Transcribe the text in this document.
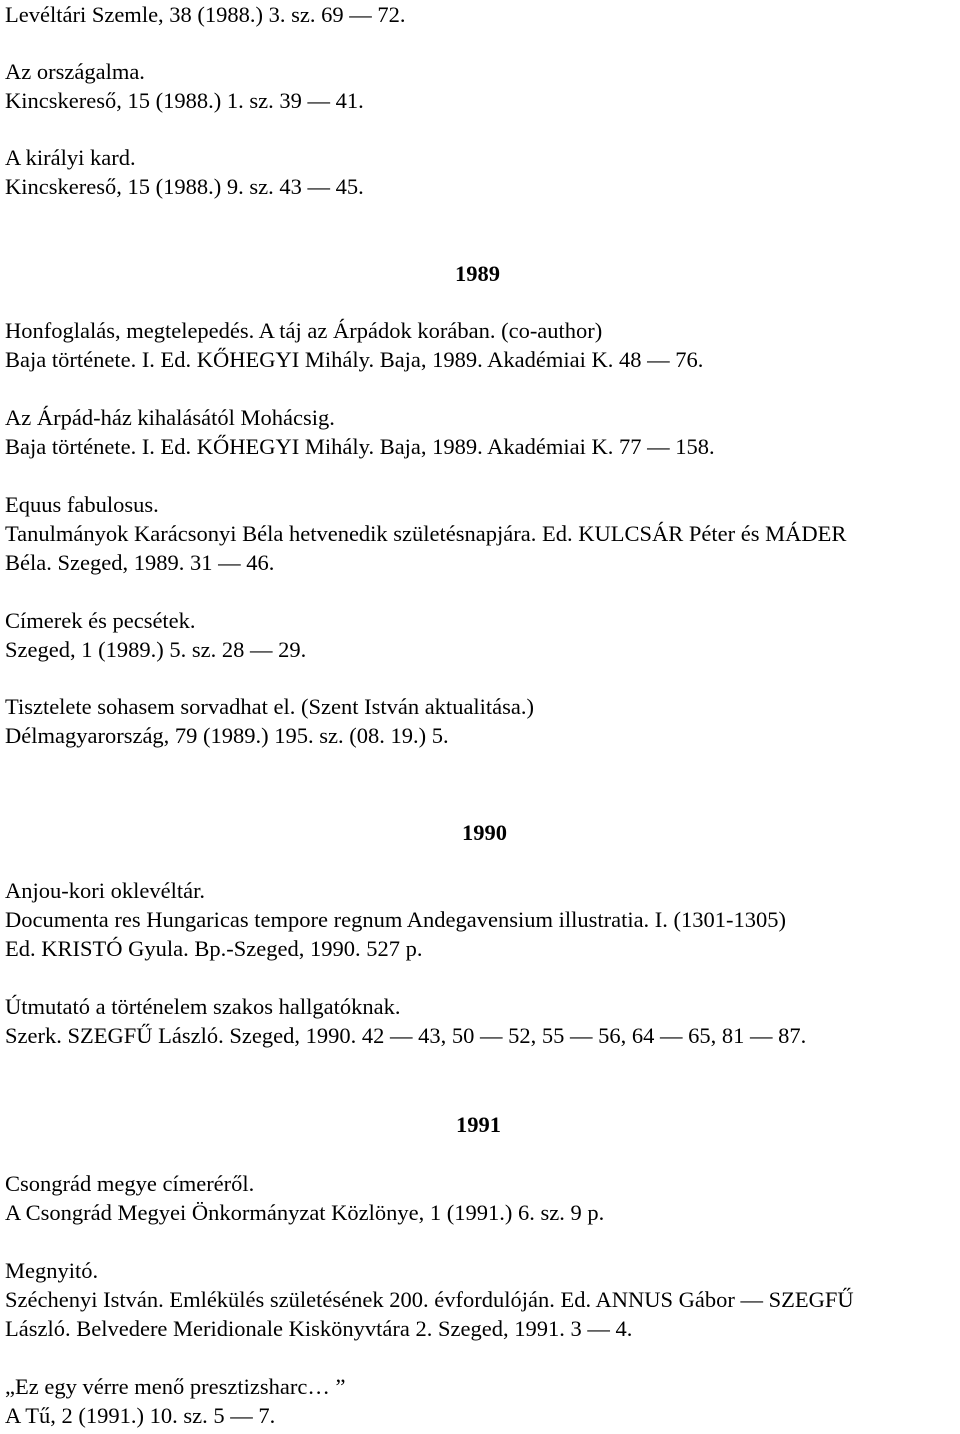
Levéltári Szemle, 38 (1988.) 3. sz. 69 — 72.
Az országalma.
Kincskereső, 15 (1988.) 1. sz. 39 — 41.
A királyi kard.
Kincskereső, 15 (1988.) 9. sz. 43 — 45.
1989
Honfoglalás, megtelepedés. A táj az Árpádok korában. (co-author)
Baja története. I. Ed. KŐHEGYI Mihály. Baja, 1989. Akadémiai K. 48 — 76.
Az Árpád-ház kihalásától Mohácsig.
Baja története. I. Ed. KŐHEGYI Mihály. Baja, 1989. Akadémiai K. 77 — 158.
Equus fabulosus.
Tanulmányok Karácsonyi Béla hetvenedik születésnapjára. Ed. KULCSÁR Péter és MÁDER
Béla. Szeged, 1989. 31 — 46.
Címerek és pecsétek.
Szeged, 1 (1989.) 5. sz. 28 — 29.
Tisztelete sohasem sorvadhat el. (Szent István aktualitása.)
Délmagyarország, 79 (1989.) 195. sz. (08. 19.) 5.
1990
Anjou-kori oklevéltár.
Documenta res Hungaricas tempore regnum Andegavensium illustratia. I. (1301-1305)
Ed. KRISTÓ Gyula. Bp.-Szeged, 1990. 527 p.
Útmutató a történelem szakos hallgatóknak.
Szerk. SZEGFŰ László. Szeged, 1990. 42 — 43, 50 — 52, 55 — 56, 64 — 65, 81 — 87.
1991
Csongrád megye címeréről.
A Csongrád Megyei Önkormányzat Közlönye, 1 (1991.) 6. sz. 9 p.
Megnyitó.
Széchenyi István. Emlékülés születésének 200. évfordulóján. Ed. ANNUS Gábor — SZEGFŰ
László. Belvedere Meridionale Kiskönyvtára 2. Szeged, 1991. 3 — 4.
„Ez egy vérre menő presztizsharc… ”
A Tű, 2 (1991.) 10. sz. 5 — 7.
